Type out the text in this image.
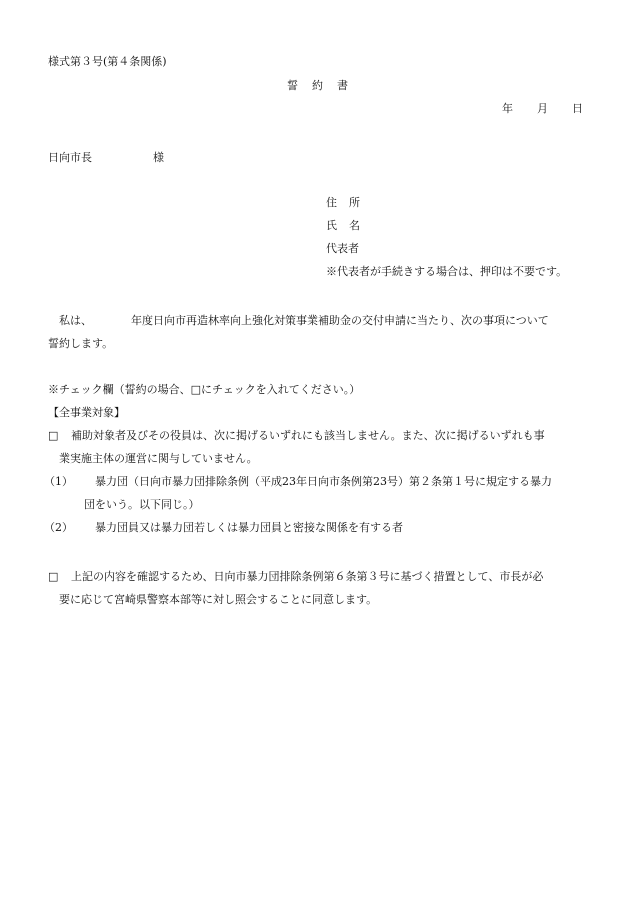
様式第３号(第４条関係)
誓約書
年 月 日
日向市長	様
住所
氏名
代表者
※代表者が手続きする場合は、押印は不要です。
私は、	年度日向市再造林率向上強化対策事業補助金の交付申請に当たり、次の事項について
誓約します。
※チェック欄（誓約の場合、□にチェックを入れてください。）
【全事業対象】
□ 補助対象者及びその役員は、次に掲げるいずれにも該当しません。また、次に掲げるいずれも事
業実施主体の運営に関与していません。
（1） 暴力団（日向市暴力団排除条例（平成23年日向市条例第23号）第２条第１号に規定する暴力
団をいう。以下同じ。）
（2） 暴力団員又は暴力団若しくは暴力団員と密接な関係を有する者
□ 上記の内容を確認するため、日向市暴力団排除条例第６条第３号に基づく措置として、市長が必
要に応じて宮崎県警察本部等に対し照会することに同意します。
